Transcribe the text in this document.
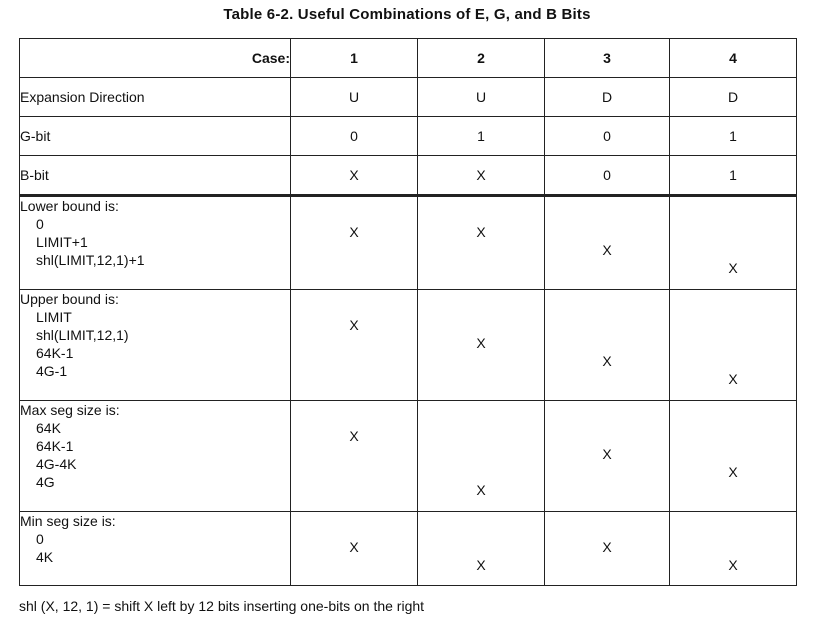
Table 6-2. Useful Combinations of E, G, and B Bits
Case:	1	2	3	4
Expansion Direction	U	U	D	D
G-bit	0	1	0	1
B-bit	X	X	0	1

Lower bound is:
0
LIMIT+1
shl(LIMIT,12,1)+1	X	X	X	X

Upper bound is:
LIMIT
shl(LIMIT,12,1)
64K-1
4G-1	X	X	X	X

Max seg size is:
64K
64K-1
4G-4K
4G	X	X	X	X

Min seg size is:
0
4K	X	X	X	X
shl (X, 12, 1) = shift X left by 12 bits inserting one-bits on the right
